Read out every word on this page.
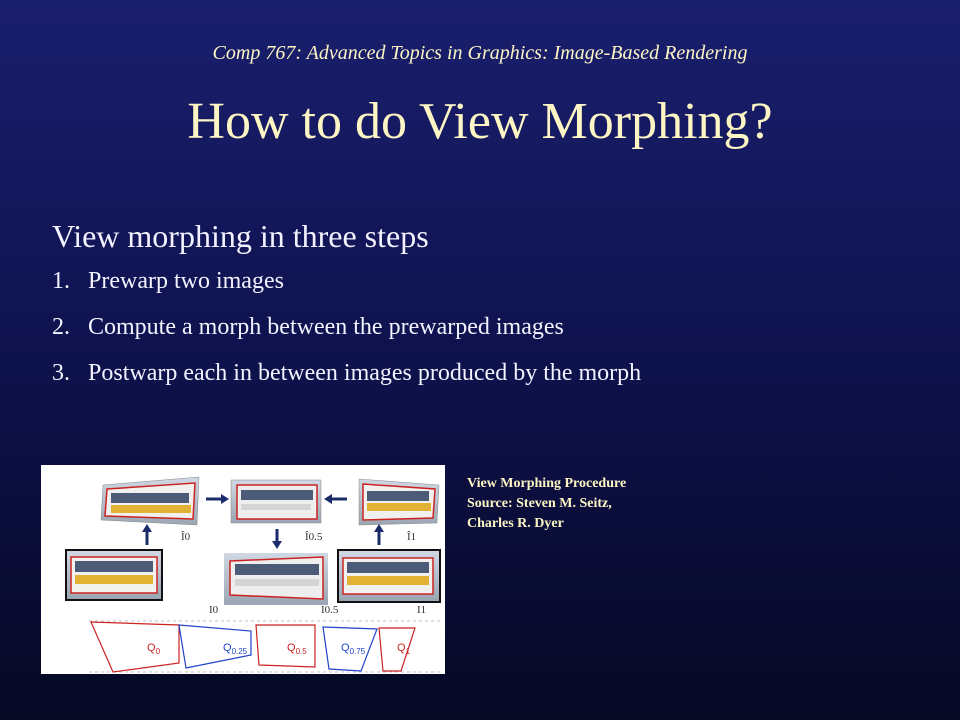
Comp 767: Advanced Topics in Graphics: Image-Based Rendering
How to do View Morphing?
View morphing in three steps
1. Prewarp two images
2. Compute a morph between the prewarped images
3. Postwarp each in between images produced by the morph
Î0	Î0.5	Î1
I0	I0.5	I1
$Q_0$	$Q_{0.25}$	$Q_{0.5}$	$Q_{0.75}$	$Q_1$
View Morphing Procedure
Source: Steven M. Seitz,
Charles R. Dyer
